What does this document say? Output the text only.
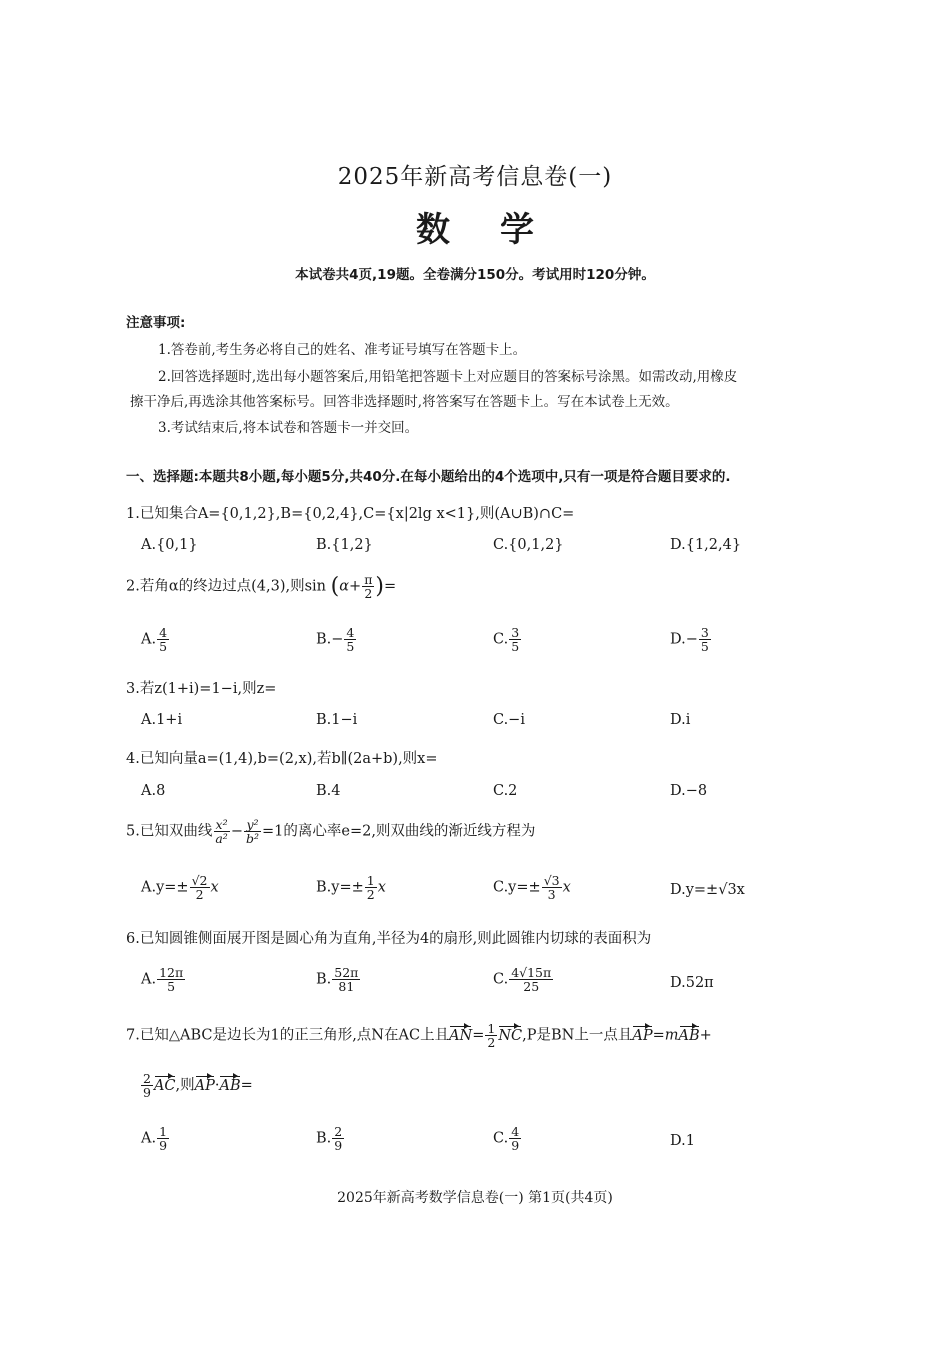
2025年新高考信息卷(一)
数学
本试卷共4页,19题。全卷满分150分。考试用时120分钟。
注意事项:
1.答卷前,考生务必将自己的姓名、准考证号填写在答题卡上。
2.回答选择题时,选出每小题答案后,用铅笔把答题卡上对应题目的答案标号涂黑。如需改动,用橡皮
擦干净后,再选涂其他答案标号。回答非选择题时,将答案写在答题卡上。写在本试卷上无效。
3.考试结束后,将本试卷和答题卡一并交回。
一、选择题:本题共8小题,每小题5分,共40分.在每小题给出的4个选项中,只有一项是符合题目要求的.
1.已知集合A={0,1,2},B={0,2,4},C={x|2lg x<1},则(A∪B)∩C=
A.{0,1}	B.{1,2}	C.{0,1,2}	D.{1,2,4}
2.若角α的终边过点(4,3),则$\sin (\alpha+ \frac{\pi}{2}$ )=
A. $\frac{4}{5}$	$B.- \frac{4}{5}$	C. $\frac{3}{5}$	$D.- \frac{3}{5}$
3.若z(1+i)=1−i,则z=
A.1+i	B.1−i	C.−i	D.i
4.已知向量a=(1,4),b=(2,x),若b∥(2a+b),则x=
A.8	B.4	C.2	D.−8
5.已知双曲线 $\frac{\text{x²}}{\text{a²}} - \frac{\text{y²}}{\text{b²}} =1$的离心率e=2,则双曲线的渐近线方程为
$A.y=\pm \frac{√2}{2}$ x	$B.y=\pm \frac{1}{2}$ x	$C.y=\pm \frac{√3}{3}$ x	D.y=±√3x
6.已知圆锥侧面展开图是圆心角为直角,半径为4的扇形,则此圆锥内切球的表面积为
A. $\frac{12\pi}{5}$	B. $\frac{52\pi}{81}$	C. $\frac{4√15\pi}{25}$	D.52π
7.已知△ABC是边长为1的正三角形,点N在AC上且$AN= \frac{1}{2} NC,P$是BN上一点且AP=mAB+
$\frac{2}{9}$ AC,则AP·AB=
A. $\frac{1}{9}$	B. $\frac{2}{9}$	C. $\frac{4}{9}$	D.1
2025年新高考数学信息卷(一) 第1页(共4页)
